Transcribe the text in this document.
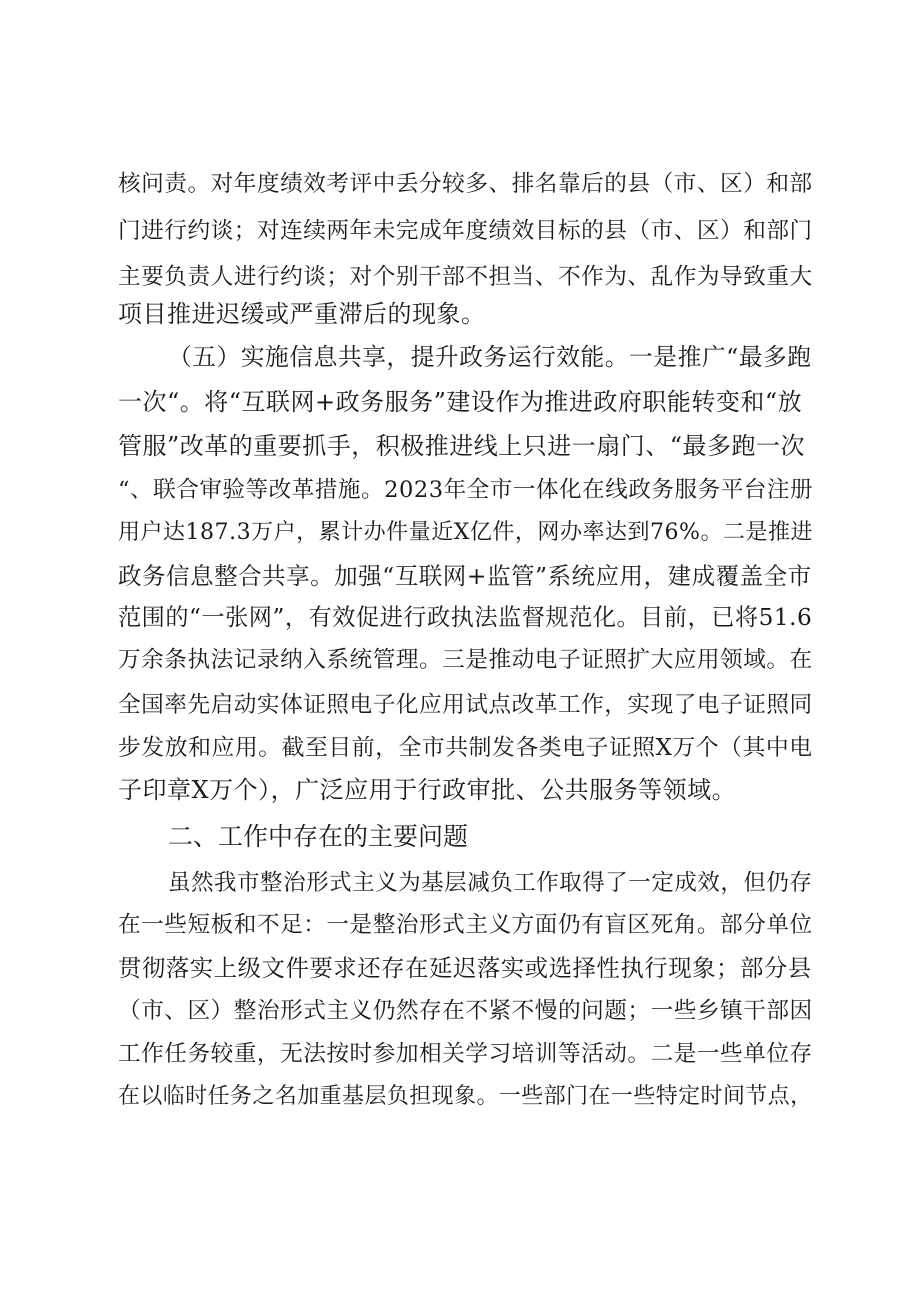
核问责。对年度绩效考评中丢分较多、排名靠后的县（市、区）和部
门进行约谈；对连续两年未完成年度绩效目标的县（市、区）和部门
主要负责人进行约谈；对个别干部不担当、不作为、乱作为导致重大
项目推进迟缓或严重滞后的现象。
（五）实施信息共享，提升政务运行效能。一是推广“最多跑
一次“。将“互联网+政务服务”建设作为推进政府职能转变和“放
管服”改革的重要抓手，积极推进线上只进一扇门、“最多跑一次
“、联合审验等改革措施。2023年全市一体化在线政务服务平台注册
用户达187.3万户，累计办件量近X亿件，网办率达到76%。二是推进
政务信息整合共享。加强“互联网+监管”系统应用，建成覆盖全市
范围的“一张网”，有效促进行政执法监督规范化。目前，已将51.6
万余条执法记录纳入系统管理。三是推动电子证照扩大应用领域。在
全国率先启动实体证照电子化应用试点改革工作，实现了电子证照同
步发放和应用。截至目前，全市共制发各类电子证照X万个（其中电
子印章X万个），广泛应用于行政审批、公共服务等领域。
二、工作中存在的主要问题
虽然我市整治形式主义为基层减负工作取得了一定成效，但仍存
在一些短板和不足：一是整治形式主义方面仍有盲区死角。部分单位
贯彻落实上级文件要求还存在延迟落实或选择性执行现象；部分县
（市、区）整治形式主义仍然存在不紧不慢的问题；一些乡镇干部因
工作任务较重，无法按时参加相关学习培训等活动。二是一些单位存
在以临时任务之名加重基层负担现象。一些部门在一些特定时间节点，
